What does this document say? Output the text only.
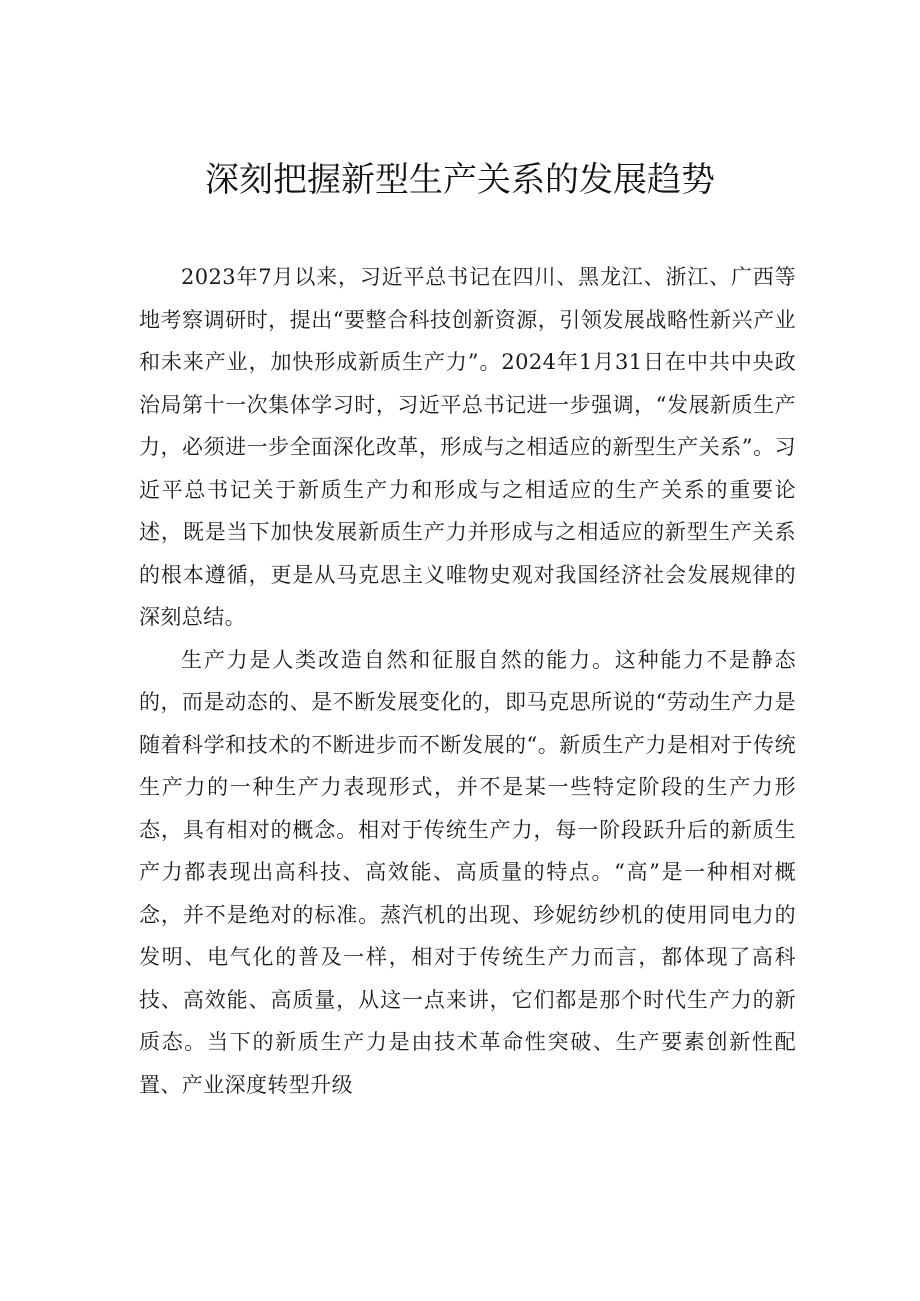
深刻把握新型生产关系的发展趋势

2023年7月以来，习近平总书记在四川、黑龙江、浙江、广西等地考察调研时，提出“要整合科技创新资源，引领发展战略性新兴产业和未来产业，加快形成新质生产力”。2024年1月31日在中共中央政治局第十一次集体学习时，习近平总书记进一步强调，“发展新质生产力，必须进一步全面深化改革，形成与之相适应的新型生产关系”。习近平总书记关于新质生产力和形成与之相适应的生产关系的重要论述，既是当下加快发展新质生产力并形成与之相适应的新型生产关系的根本遵循，更是从马克思主义唯物史观对我国经济社会发展规律的深刻总结。

生产力是人类改造自然和征服自然的能力。这种能力不是静态的，而是动态的、是不断发展变化的，即马克思所说的“劳动生产力是随着科学和技术的不断进步而不断发展的“。新质生产力是相对于传统生产力的一种生产力表现形式，并不是某一些特定阶段的生产力形态，具有相对的概念。相对于传统生产力，每一阶段跃升后的新质生产力都表现出高科技、高效能、高质量的特点。“高”是一种相对概念，并不是绝对的标准。蒸汽机的出现、珍妮纺纱机的使用同电力的发明、电气化的普及一样，相对于传统生产力而言，都体现了高科技、高效能、高质量，从这一点来讲，它们都是那个时代生产力的新质态。当下的新质生产力是由技术革命性突破、生产要素创新性配置、产业深度转型升级
